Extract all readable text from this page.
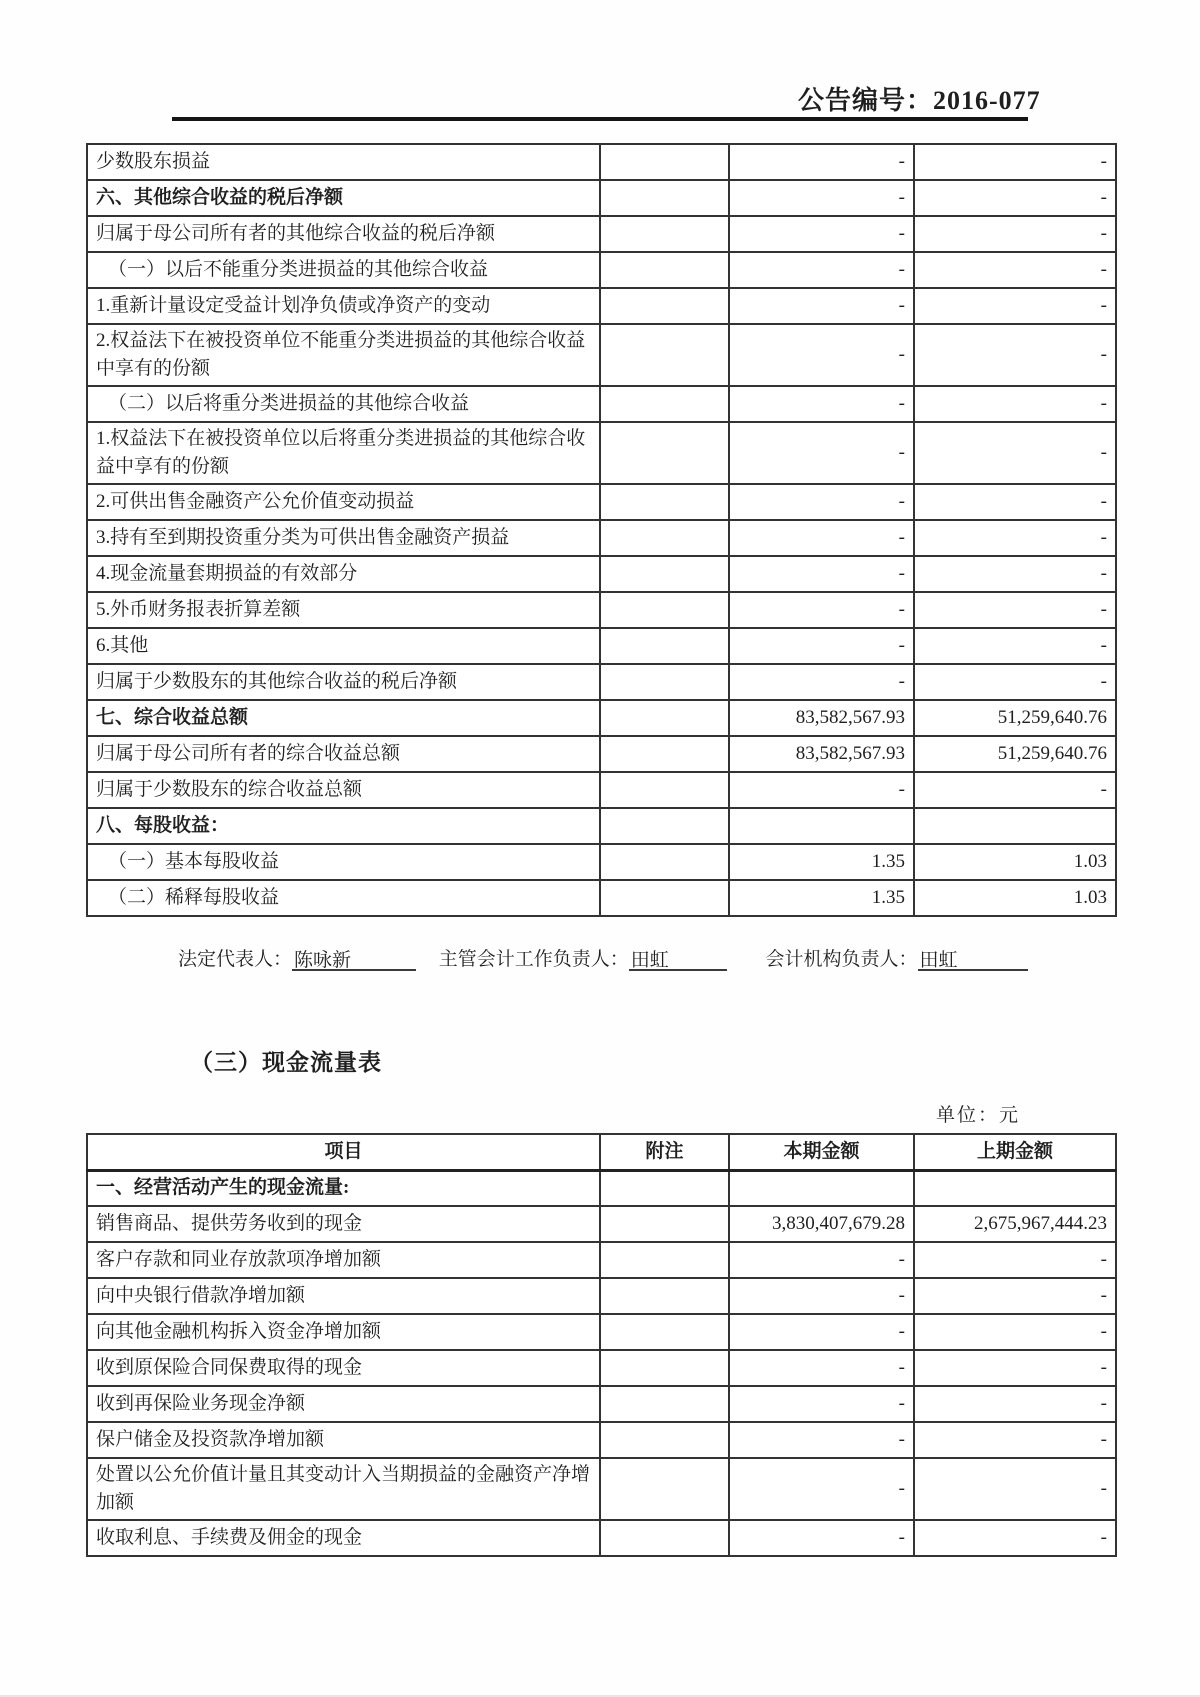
公告编号：2016-077
少数股东损益		-	-
六、其他综合收益的税后净额		-	-
归属于母公司所有者的其他综合收益的税后净额		-	-
（一）以后不能重分类进损益的其他综合收益		-	-
1.重新计量设定受益计划净负债或净资产的变动		-	-
2.权益法下在被投资单位不能重分类进损益的其他综合收益中享有的份额		-	-
（二）以后将重分类进损益的其他综合收益		-	-
1.权益法下在被投资单位以后将重分类进损益的其他综合收益中享有的份额		-	-
2.可供出售金融资产公允价值变动损益		-	-
3.持有至到期投资重分类为可供出售金融资产损益		-	-
4.现金流量套期损益的有效部分		-	-
5.外币财务报表折算差额		-	-
6.其他		-	-
归属于少数股东的其他综合收益的税后净额		-	-
七、综合收益总额		83,582,567.93	51,259,640.76
归属于母公司所有者的综合收益总额		83,582,567.93	51,259,640.76
归属于少数股东的综合收益总额		-	-
八、每股收益：			
（一）基本每股收益		1.35	1.03
（二）稀释每股收益		1.35	1.03
法定代表人： 陈咏新	主管会计工作负责人： 田虹	会计机构负责人： 田虹
（三）现金流量表
单位：元
项目	附注	本期金额	上期金额
一、经营活动产生的现金流量:			
销售商品、提供劳务收到的现金		3,830,407,679.28	2,675,967,444.23
客户存款和同业存放款项净增加额		-	-
向中央银行借款净增加额		-	-
向其他金融机构拆入资金净增加额		-	-
收到原保险合同保费取得的现金		-	-
收到再保险业务现金净额		-	-
保户储金及投资款净增加额		-	-
处置以公允价值计量且其变动计入当期损益的金融资产净增加额		-	-
收取利息、手续费及佣金的现金		-	-
